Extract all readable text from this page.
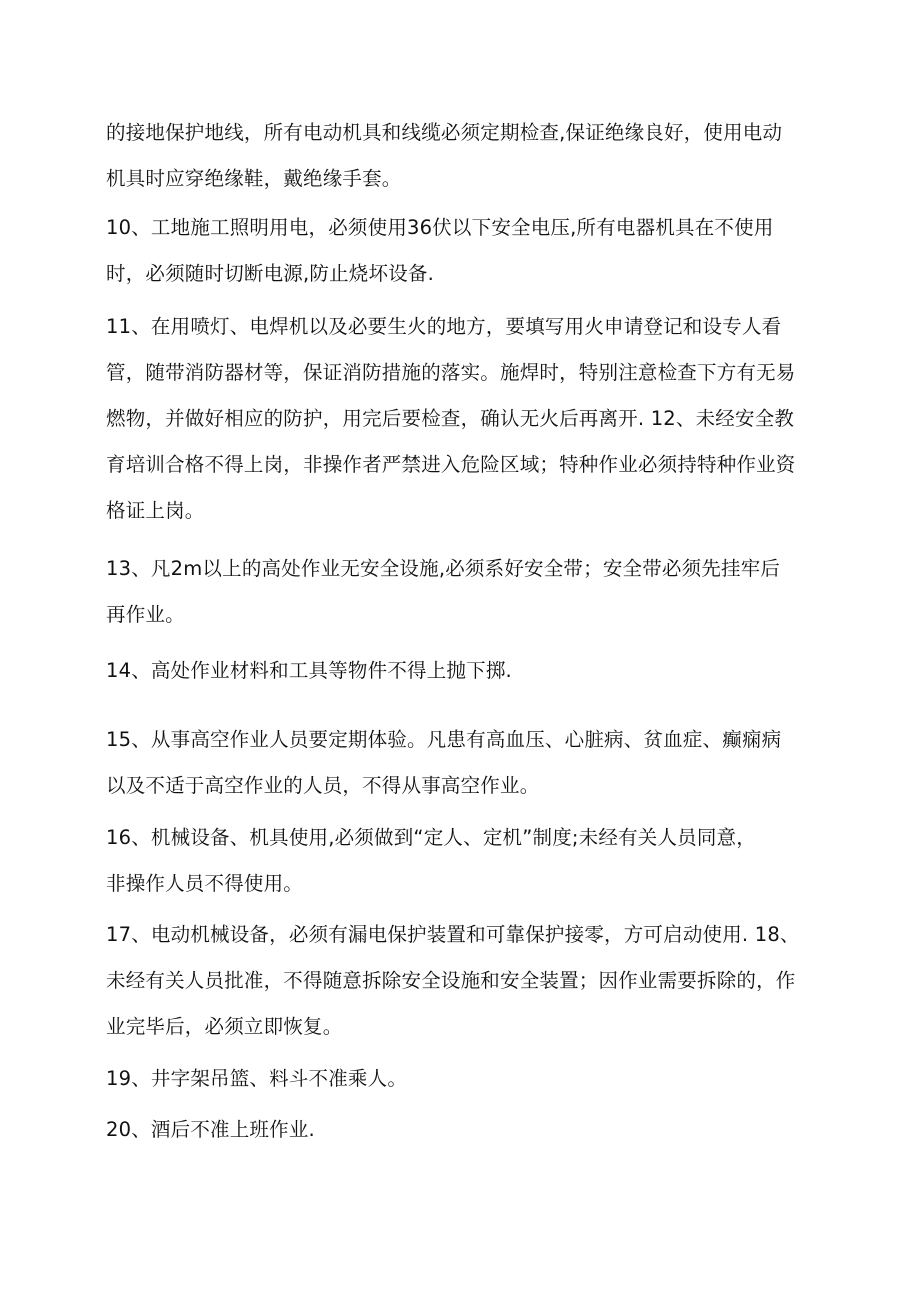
的接地保护地线，所有电动机具和线缆必须定期检查,保证绝缘良好，使用电动
机具时应穿绝缘鞋，戴绝缘手套。

10、工地施工照明用电，必须使用36伏以下安全电压,所有电器机具在不使用
时，必须随时切断电源,防止烧坏设备.

11、在用喷灯、电焊机以及必要生火的地方，要填写用火申请登记和设专人看
管，随带消防器材等，保证消防措施的落实。施焊时，特别注意检查下方有无易
燃物，并做好相应的防护，用完后要检查，确认无火后再离开. 12、未经安全教
育培训合格不得上岗，非操作者严禁进入危险区域；特种作业必须持特种作业资
格证上岗。

13、凡2m以上的高处作业无安全设施,必须系好安全带；安全带必须先挂牢后
再作业。

14、高处作业材料和工具等物件不得上抛下掷.

15、从事高空作业人员要定期体验。凡患有高血压、心脏病、贫血症、癫痫病
以及不适于高空作业的人员，不得从事高空作业。

16、机械设备、机具使用,必须做到“定人、定机”制度;未经有关人员同意，
非操作人员不得使用。

17、电动机械设备，必须有漏电保护装置和可靠保护接零，方可启动使用. 18、
未经有关人员批准，不得随意拆除安全设施和安全装置；因作业需要拆除的，作
业完毕后，必须立即恢复。

19、井字架吊篮、料斗不准乘人。

20、酒后不准上班作业.
